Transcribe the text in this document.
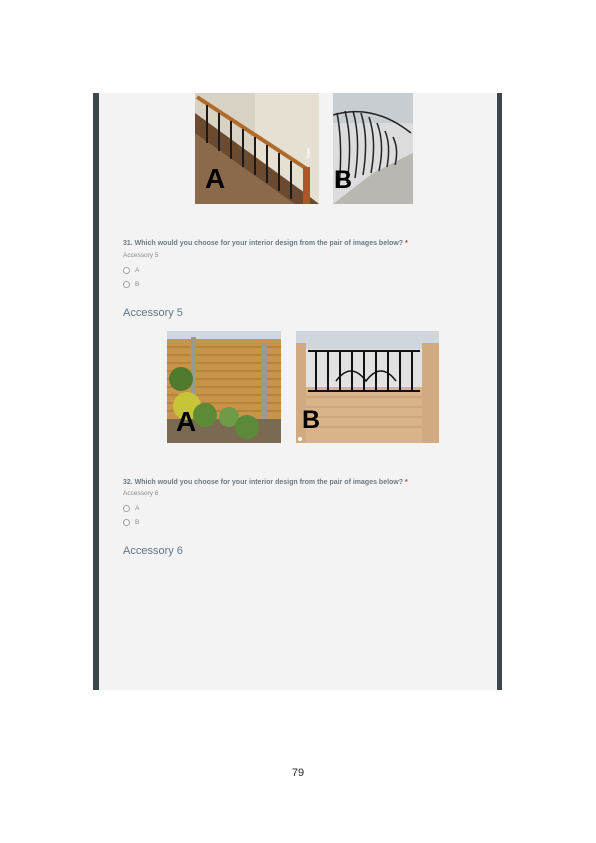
A	B
31. Which would you choose for your interior design from the pair of images below? *
Accessory 5
A
B
Accessory 5
A	B
32. Which would you choose for your interior design from the pair of images below? *
Accessory 6
A
B
Accessory 6
79
